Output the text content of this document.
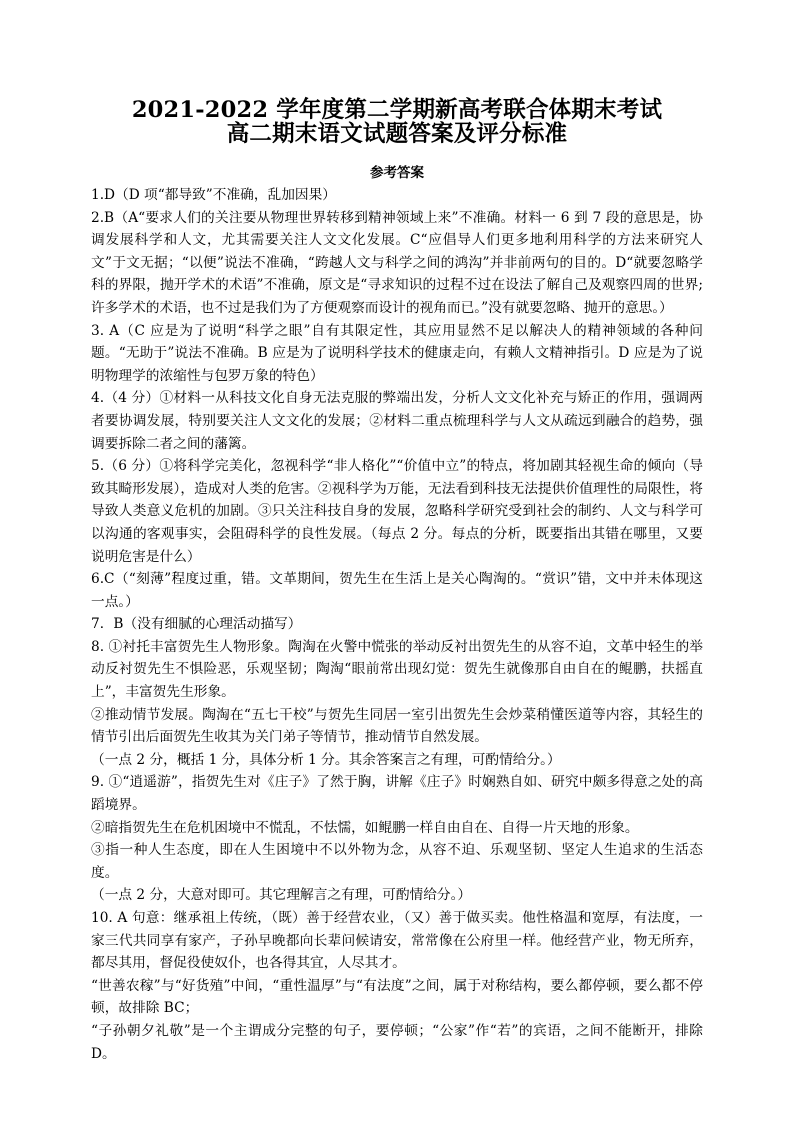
2021-2022 学年度第二学期新高考联合体期末考试
高二期末语文试题答案及评分标准
参考答案

1.D（D 项“都导致”不准确，乱加因果）

2.B（A“要求人们的关注要从物理世界转移到精神领域上来”不准确。材料一 6 到 7 段的意思是，协调发展科学和人文，尤其需要关注人文文化发展。C“应倡导人们更多地利用科学的方法来研究人文”于文无据；“以便”说法不准确，“跨越人文与科学之间的鸿沟”并非前两句的目的。D“就要忽略学科的界限，抛开学术的术语”不准确，原文是“寻求知识的过程不过在设法了解自己及观察四周的世界;许多学术的术语，也不过是我们为了方便观察而设计的视角而已。”没有就要忽略、抛开的意思。）

3. A（C 应是为了说明“科学之眼”自有其限定性，其应用显然不足以解决人的精神领域的各种问题。“无助于”说法不准确。B 应是为了说明科学技术的健康走向，有赖人文精神指引。D 应是为了说明物理学的浓缩性与包罗万象的特色）

4.（4 分）①材料一从科技文化自身无法克服的弊端出发，分析人文文化补充与矫正的作用，强调两者要协调发展，特别要关注人文文化的发展；②材料二重点梳理科学与人文从疏远到融合的趋势，强调要拆除二者之间的藩篱。

5.（6 分）①将科学完美化，忽视科学“非人格化”“价值中立”的特点，将加剧其轻视生命的倾向（导致其畸形发展），造成对人类的危害。②视科学为万能，无法看到科技无法提供价值理性的局限性，将导致人类意义危机的加剧。③只关注科技自身的发展，忽略科学研究受到社会的制约、人文与科学可以沟通的客观事实，会阻碍科学的良性发展。（每点 2 分。每点的分析，既要指出其错在哪里，又要说明危害是什么）

6.C（“刻薄”程度过重，错。文革期间，贺先生在生活上是关心陶淘的。“赏识”错，文中并未体现这一点。）

7．B（没有细腻的心理活动描写）

8. ①衬托丰富贺先生人物形象。陶淘在火警中慌张的举动反衬出贺先生的从容不迫，文革中轻生的举动反衬贺先生不惧险恶，乐观坚韧；陶淘“眼前常出现幻觉：贺先生就像那自由自在的鲲鹏，扶摇直上”，丰富贺先生形象。

②推动情节发展。陶淘在“五七干校”与贺先生同居一室引出贺先生会炒菜稍懂医道等内容，其轻生的情节引出后面贺先生收其为关门弟子等情节，推动情节自然发展。

（一点 2 分，概括 1 分，具体分析 1 分。其余答案言之有理，可酌情给分。）

9. ①“逍遥游”，指贺先生对《庄子》了然于胸，讲解《庄子》时娴熟自如、研究中颇多得意之处的高蹈境界。

②暗指贺先生在危机困境中不慌乱，不怯懦，如鲲鹏一样自由自在、自得一片天地的形象。

③指一种人生态度，即在人生困境中不以外物为念，从容不迫、乐观坚韧、坚定人生追求的生活态度。

（一点 2 分，大意对即可。其它理解言之有理，可酌情给分。）

10. A 句意：继承祖上传统，（既）善于经营农业，（又）善于做买卖。他性格温和宽厚，有法度，一家三代共同享有家产，子孙早晚都向长辈问候请安，常常像在公府里一样。他经营产业，物无所弃，都尽其用，督促役使奴仆，也各得其宜，人尽其才。

“世善农稼”与“好货殖”中间，“重性温厚”与“有法度”之间，属于对称结构，要么都停顿，要么都不停顿，故排除 BC；

“子孙朝夕礼敬”是一个主谓成分完整的句子，要停顿；“公家”作“若”的宾语，之间不能断开，排除 D。
